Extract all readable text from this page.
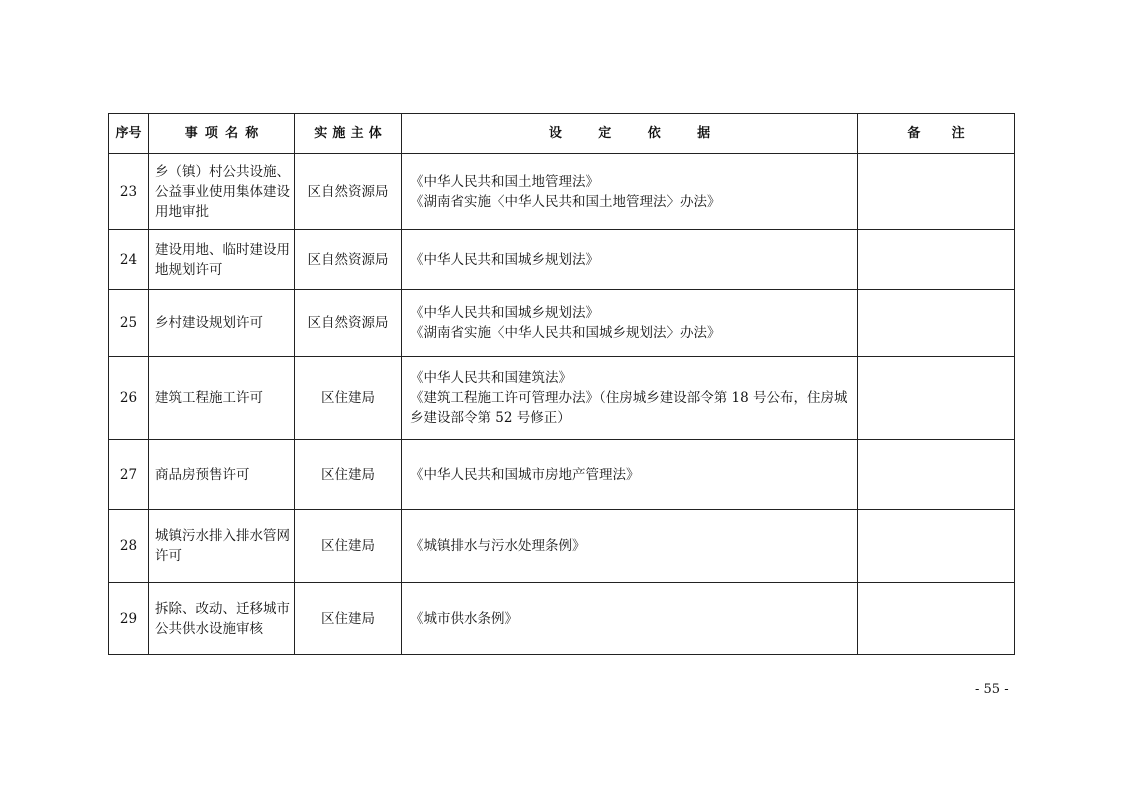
序号	事项名称	实施主体	设定依据	备注
23	乡（镇）村公共设施、公益事业使用集体建设用地审批	区自然资源局	《中华人民共和国土地管理法》
《湖南省实施〈中华人民共和国土地管理法〉办法》	

24	建设用地、临时建设用地规划许可	区自然资源局	《中华人民共和国城乡规划法》	

25	乡村建设规划许可	区自然资源局	《中华人民共和国城乡规划法》
《湖南省实施〈中华人民共和国城乡规划法〉办法》	

26	建筑工程施工许可	区住建局	《中华人民共和国建筑法》
《建筑工程施工许可管理办法》（住房城乡建设部令第 18 号公布，住房城乡建设部令第 52 号修正）	

27	商品房预售许可	区住建局	《中华人民共和国城市房地产管理法》	

28	城镇污水排入排水管网许可	区住建局	《城镇排水与污水处理条例》	

29	拆除、改动、迁移城市公共供水设施审核	区住建局	《城市供水条例》	

- 55 -
